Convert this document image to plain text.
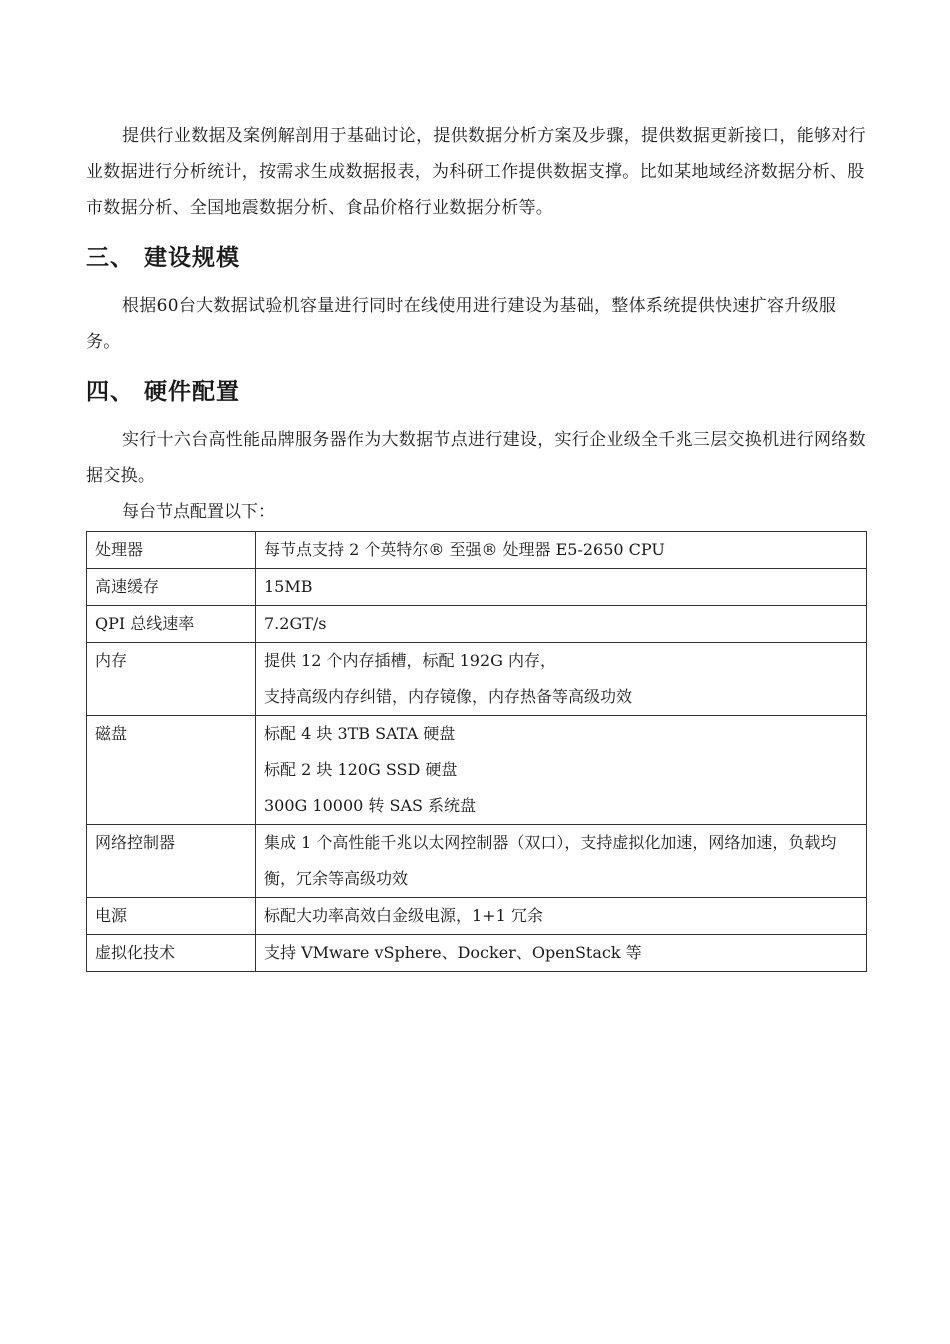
提供行业数据及案例解剖用于基础讨论，提供数据分析方案及步骤，提供数据更新接口，能够对行业数据进行分析统计，按需求生成数据报表，为科研工作提供数据支撑。比如某地域经济数据分析、股市数据分析、全国地震数据分析、食品价格行业数据分析等。

三、 建设规模

根据60台大数据试验机容量进行同时在线使用进行建设为基础，整体系统提供快速扩容升级服务。

四、 硬件配置

实行十六台高性能品牌服务器作为大数据节点进行建设，实行企业级全千兆三层交换机进行网络数据交换。

每台节点配置以下：

处理器	每节点支持 2 个英特尔® 至强® 处理器 E5-2650 CPU

高速缓存	15MB

QPI 总线速率	7.2GT/s

内存	提供 12 个内存插槽，标配 192G 内存，
支持高级内存纠错，内存镜像，内存热备等高级功效

磁盘	标配 4 块 3TB SATA 硬盘
标配 2 块 120G SSD 硬盘
300G 10000 转 SAS 系统盘

网络控制器	集成 1 个高性能千兆以太网控制器（双口），支持虚拟化加速，网络加速，负载均衡，冗余等高级功效

电源	标配大功率高效白金级电源，1+1 冗余

虚拟化技术	支持 VMware vSphere、Docker、OpenStack 等
